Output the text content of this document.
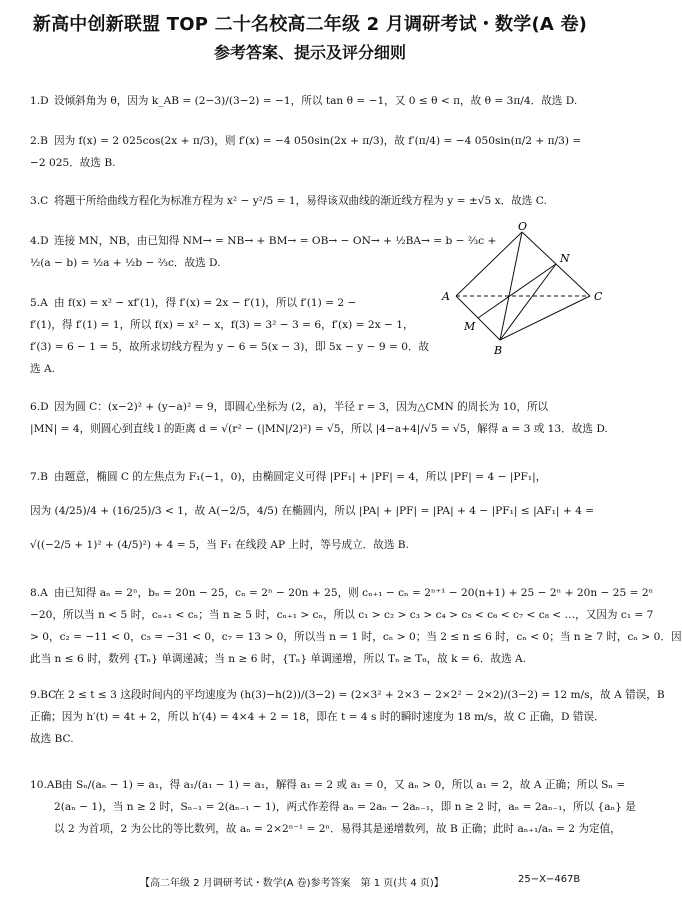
新高中创新联盟 TOP 二十名校高二年级 2 月调研考试・数学(A 卷)
参考答案、提示及评分细则
1.D 设倾斜角为 θ，因为 k_AB = (2−3)/(3−2) = −1，所以 tan θ = −1，又 0 ≤ θ < π，故 θ = 3π/4．故选 D.
2.B 因为 f(x) = 2 025cos(2x + π/3)，则 f′(x) = −4 050sin(2x + π/3)，故 f′(π/4) = −4 050sin(π/2 + π/3) =
−2 025．故选 B.
3.C 将题干所给曲线方程化为标准方程为 x² − y²/5 = 1，易得该双曲线的渐近线方程为 y = ±√5 x．故选 C.
4.D 连接 MN，NB，由已知得 NM→ = NB→ + BM→ = OB→ − ON→ + ½BA→ = b − ⅔c +
½(a − b) = ½a + ½b − ⅔c．故选 D.
5.A 由 f(x) = x² − xf′(1)，得 f′(x) = 2x − f′(1)，所以 f′(1) = 2 −
f′(1)，得 f′(1) = 1，所以 f(x) = x² − x，f(3) = 3² − 3 = 6，f′(x) = 2x − 1，
f′(3) = 6 − 1 = 5，故所求切线方程为 y − 6 = 5(x − 3)，即 5x − y − 9 = 0．故
选 A.
O
N
A	C
M
B
6.D 因为圆 C：(x−2)² + (y−a)² = 9，即圆心坐标为 (2，a)，半径 r = 3，因为△CMN 的周长为 10，所以
|MN| = 4，则圆心到直线 l 的距离 d = √(r² − (|MN|/2)²) = √5，所以 |4−a+4|/√5 = √5，解得 a = 3 或 13．故选 D.
7.B 由题意，椭圆 C 的左焦点为 F₁(−1，0)，由椭圆定义可得 |PF₁| + |PF| = 4，所以 |PF| = 4 − |PF₁|，
因为 (4/25)/4 + (16/25)/3 < 1，故 A(−2/5，4/5) 在椭圆内，所以 |PA| + |PF| = |PA| + 4 − |PF₁| ≤ |AF₁| + 4 =
√((−2/5 + 1)² + (4/5)²) + 4 = 5，当 F₁ 在线段 AP 上时，等号成立．故选 B.
8.A 由已知得 aₙ = 2ⁿ，bₙ = 20n − 25，cₙ = 2ⁿ − 20n + 25，则 cₙ₊₁ − cₙ = 2ⁿ⁺¹ − 20(n+1) + 25 − 2ⁿ + 20n − 25 = 2ⁿ
−20，所以当 n < 5 时，cₙ₊₁ < cₙ；当 n ≥ 5 时，cₙ₊₁ > cₙ，所以 c₁ > c₂ > c₃ > c₄ > c₅ < c₆ < c₇ < c₈ < …，又因为 c₁ = 7
> 0，c₂ = −11 < 0，c₅ = −31 < 0，c₇ = 13 > 0，所以当 n = 1 时，cₙ > 0；当 2 ≤ n ≤ 6 时，cₙ < 0；当 n ≥ 7 时，cₙ > 0．因
此当 n ≤ 6 时，数列 {Tₙ} 单调递减；当 n ≥ 6 时，{Tₙ} 单调递增，所以 Tₙ ≥ T₆，故 k = 6．故选 A.
9.BC在 2 ≤ t ≤ 3 这段时间内的平均速度为 (h(3)−h(2))/(3−2) = (2×3² + 2×3 − 2×2² − 2×2)/(3−2) = 12 m/s，故 A 错误，B
正确；因为 h′(t) = 4t + 2，所以 h′(4) = 4×4 + 2 = 18，即在 t = 4 s 时的瞬时速度为 18 m/s，故 C 正确，D 错误．
故选 BC.
10.AB由 Sₙ/(aₙ − 1) = a₁，得 a₁/(a₁ − 1) = a₁，解得 a₁ = 2 或 a₁ = 0，又 aₙ > 0，所以 a₁ = 2，故 A 正确；所以 Sₙ =
2(aₙ − 1)，当 n ≥ 2 时，Sₙ₋₁ = 2(aₙ₋₁ − 1)，两式作差得 aₙ = 2aₙ − 2aₙ₋₁，即 n ≥ 2 时，aₙ = 2aₙ₋₁，所以 {aₙ} 是
以 2 为首项，2 为公比的等比数列，故 aₙ = 2×2ⁿ⁻¹ = 2ⁿ．易得其是递增数列，故 B 正确；此时 aₙ₊₁/aₙ = 2 为定值，
【高二年级 2 月调研考试・数学(A 卷)参考答案　第 1 页(共 4 页)】	25−X−467B
